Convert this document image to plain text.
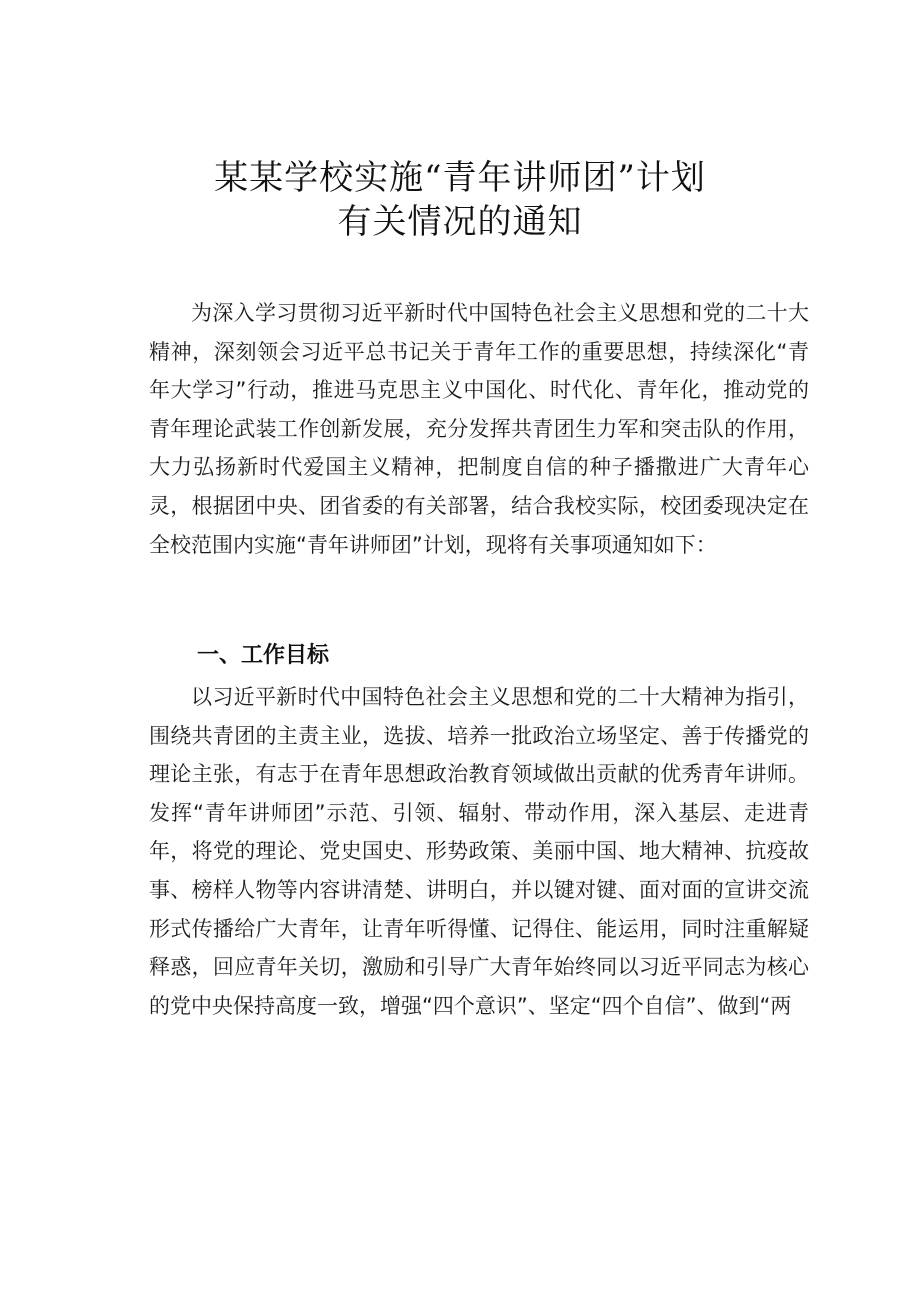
某某学校实施“青年讲师团”计划
有关情况的通知

为深入学习贯彻习近平新时代中国特色社会主义思想和党的二十大精神，深刻领会习近平总书记关于青年工作的重要思想，持续深化“青年大学习”行动，推进马克思主义中国化、时代化、青年化，推动党的青年理论武装工作创新发展，充分发挥共青团生力军和突击队的作用，大力弘扬新时代爱国主义精神，把制度自信的种子播撒进广大青年心灵，根据团中央、团省委的有关部署，结合我校实际，校团委现决定在全校范围内实施“青年讲师团”计划，现将有关事项通知如下：

一、工作目标

以习近平新时代中国特色社会主义思想和党的二十大精神为指引，围绕共青团的主责主业，选拔、培养一批政治立场坚定、善于传播党的理论主张，有志于在青年思想政治教育领域做出贡献的优秀青年讲师。发挥“青年讲师团”示范、引领、辐射、带动作用，深入基层、走进青年，将党的理论、党史国史、形势政策、美丽中国、地大精神、抗疫故事、榜样人物等内容讲清楚、讲明白，并以键对键、面对面的宣讲交流形式传播给广大青年，让青年听得懂、记得住、能运用，同时注重解疑释惑，回应青年关切，激励和引导广大青年始终同以习近平同志为核心的党中央保持高度一致，增强“四个意识”、坚定“四个自信”、做到“两
